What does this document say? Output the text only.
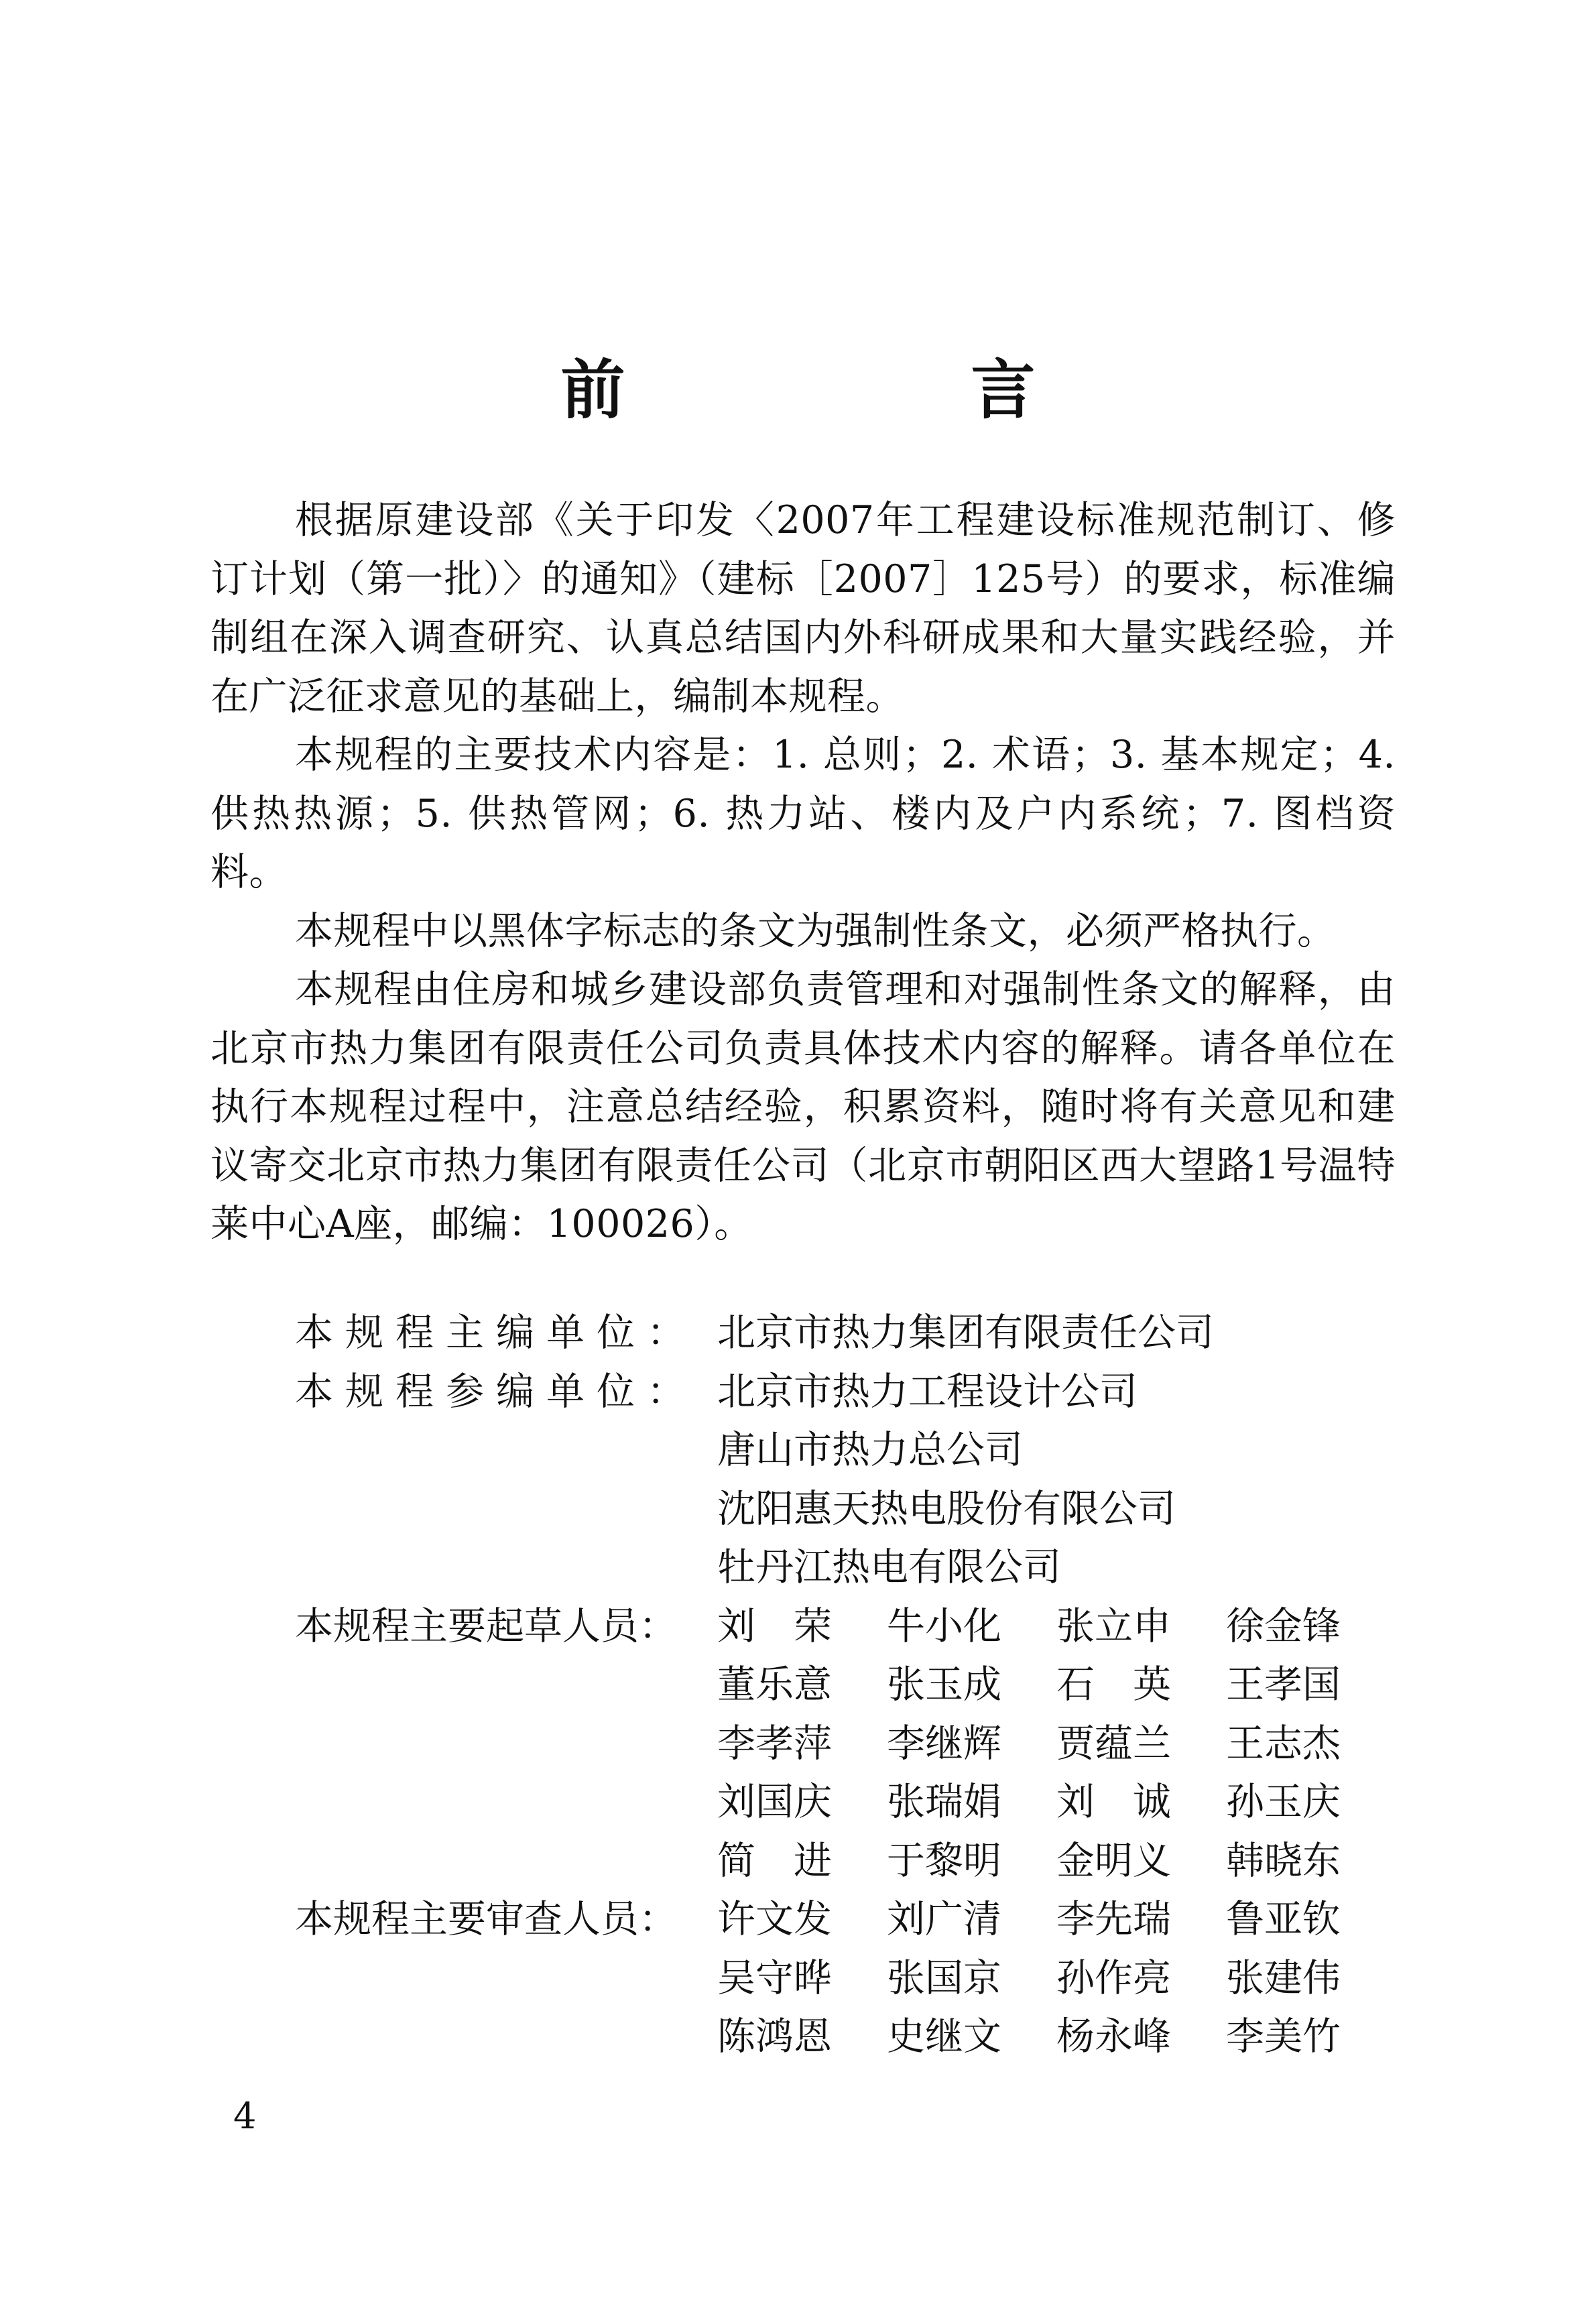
前　言

根据原建设部《关于印发〈2007年工程建设标准规范制订、修订计划（第一批）〉的通知》（建标［2007］125号）的要求，标准编制组在深入调查研究、认真总结国内外科研成果和大量实践经验，并在广泛征求意见的基础上，编制本规程。

本规程的主要技术内容是：1. 总则；2. 术语；3. 基本规定；4. 供热热源；5. 供热管网；6. 热力站、楼内及户内系统；7. 图档资料。

本规程中以黑体字标志的条文为强制性条文，必须严格执行。

本规程由住房和城乡建设部负责管理和对强制性条文的解释，由北京市热力集团有限责任公司负责具体技术内容的解释。请各单位在执行本规程过程中，注意总结经验，积累资料，随时将有关意见和建议寄交北京市热力集团有限责任公司（北京市朝阳区西大望路1号温特莱中心A座，邮编：100026）。

本规程主编单位： 北京市热力集团有限责任公司
本规程参编单位： 北京市热力工程设计公司
唐山市热力总公司
沈阳惠天热电股份有限公司
牡丹江热电有限公司
本规程主要起草人员：	刘　荣	牛小化	张立申	徐金锋
董乐意	张玉成	石　英	王孝国
李孝萍	李继辉	贾蕴兰	王志杰
刘国庆	张瑞娟	刘　诚	孙玉庆
简　进	于黎明	金明义	韩晓东
本规程主要审查人员：	许文发	刘广清	李先瑞	鲁亚钦
吴守晔	张国京	孙作亮	张建伟
陈鸿恩	史继文	杨永峰	李美竹
4
